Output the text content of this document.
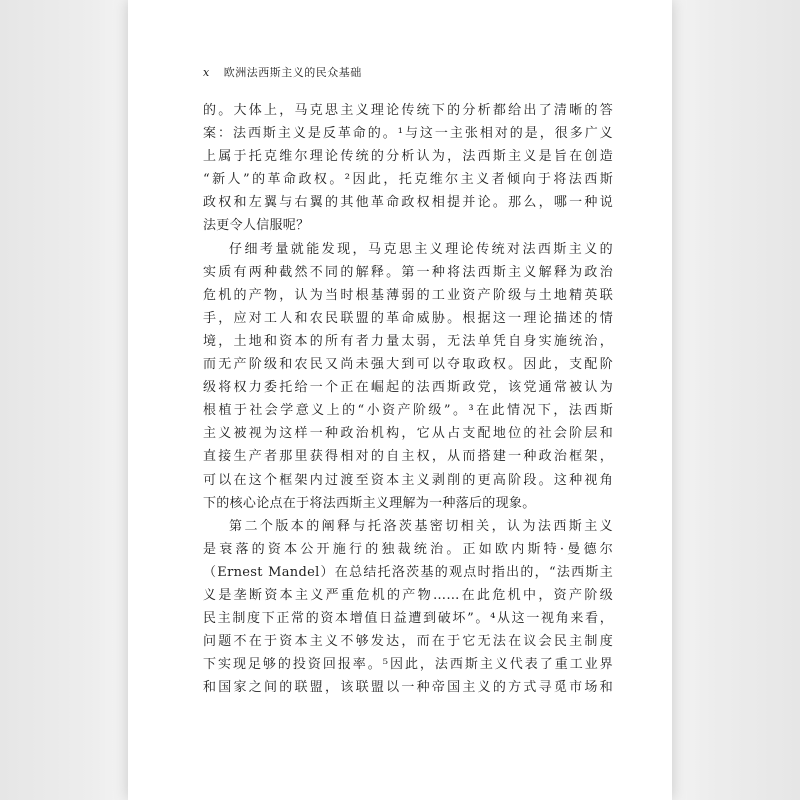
x 欧洲法西斯主义的民众基础
的。大体上，马克思主义理论传统下的分析都给出了清晰的答
案：法西斯主义是反革命的。¹与这一主张相对的是，很多广义
上属于托克维尔理论传统的分析认为，法西斯主义是旨在创造
“新人”的革命政权。²因此，托克维尔主义者倾向于将法西斯
政权和左翼与右翼的其他革命政权相提并论。那么，哪一种说
法更令人信服呢？
仔细考量就能发现，马克思主义理论传统对法西斯主义的
实质有两种截然不同的解释。第一种将法西斯主义解释为政治
危机的产物，认为当时根基薄弱的工业资产阶级与土地精英联
手，应对工人和农民联盟的革命威胁。根据这一理论描述的情
境，土地和资本的所有者力量太弱，无法单凭自身实施统治，
而无产阶级和农民又尚未强大到可以夺取政权。因此，支配阶
级将权力委托给一个正在崛起的法西斯政党，该党通常被认为
根植于社会学意义上的“小资产阶级”。³在此情况下，法西斯
主义被视为这样一种政治机构，它从占支配地位的社会阶层和
直接生产者那里获得相对的自主权，从而搭建一种政治框架，
可以在这个框架内过渡至资本主义剥削的更高阶段。这种视角
下的核心论点在于将法西斯主义理解为一种落后的现象。
第二个版本的阐释与托洛茨基密切相关，认为法西斯主义
是衰落的资本公开施行的独裁统治。正如欧内斯特·曼德尔
（Ernest Mandel）在总结托洛茨基的观点时指出的，“法西斯主
义是垄断资本主义严重危机的产物……在此危机中，资产阶级
民主制度下正常的资本增值日益遭到破坏”。⁴从这一视角来看，
问题不在于资本主义不够发达，而在于它无法在议会民主制度
下实现足够的投资回报率。⁵因此，法西斯主义代表了重工业界
和国家之间的联盟，该联盟以一种帝国主义的方式寻觅市场和
